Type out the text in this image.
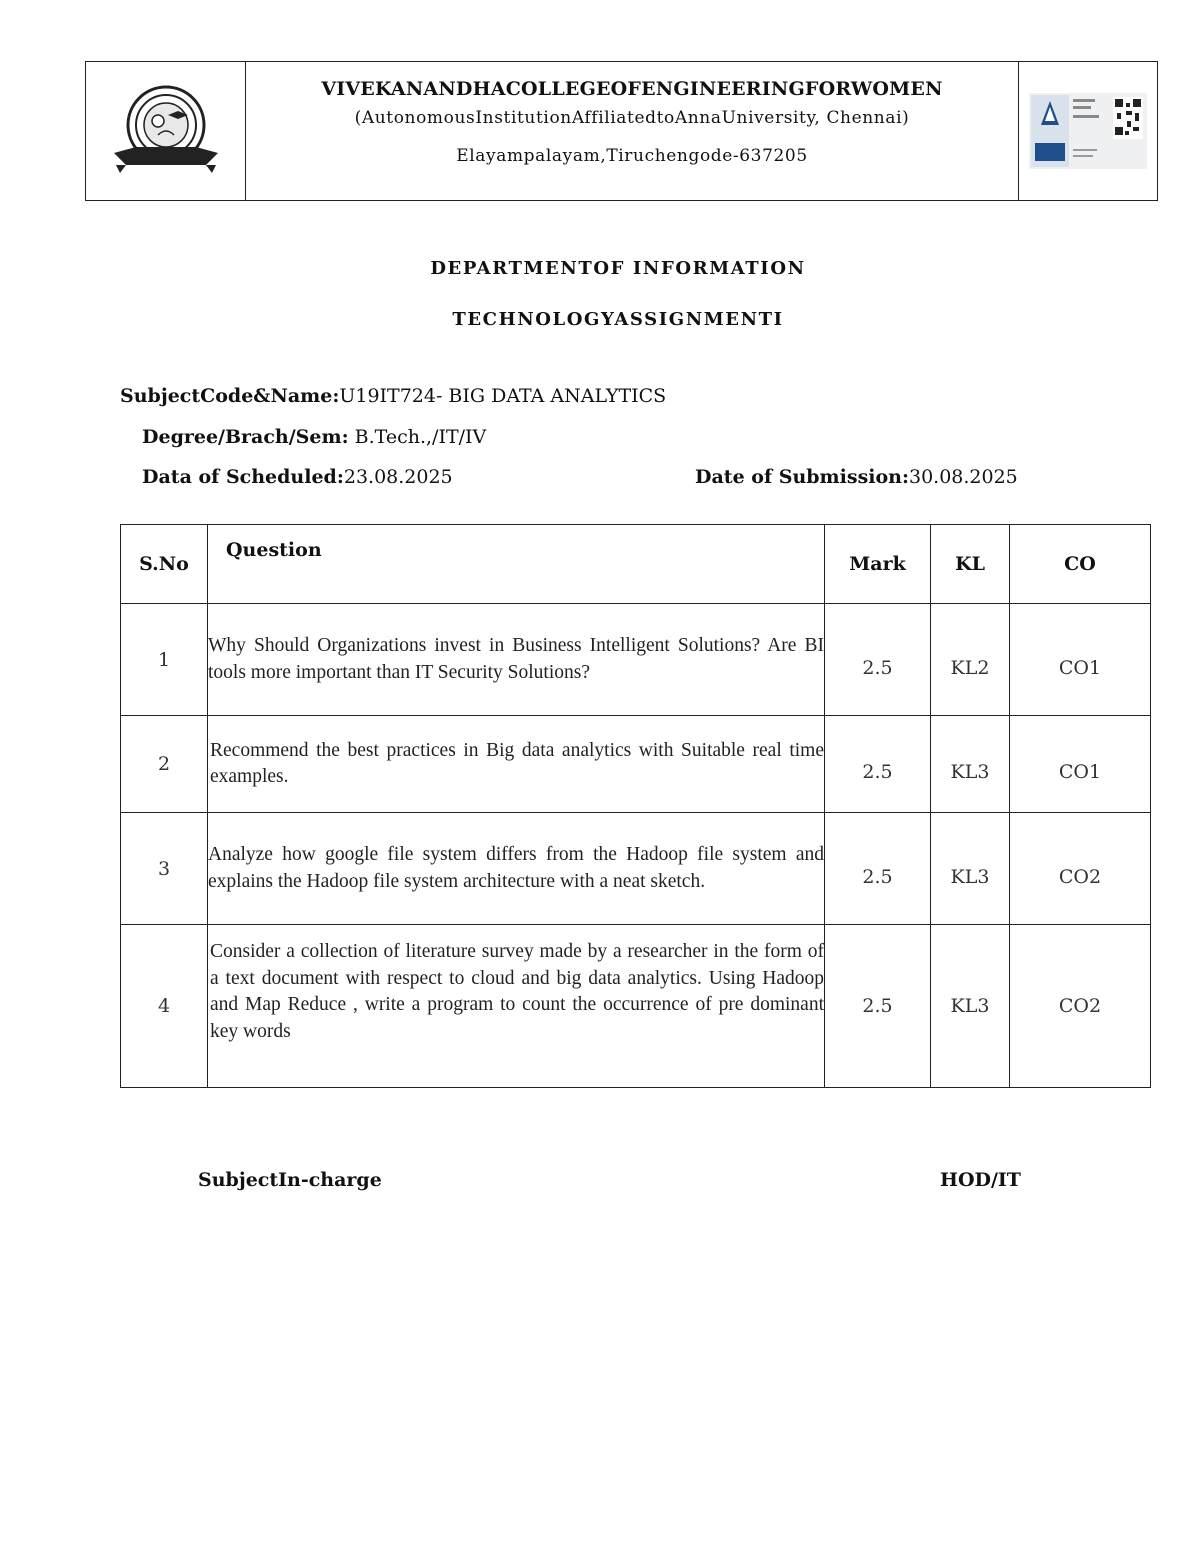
VIVEKANANDHACOLLEGEOFENGINEERINGFORWOMEN
(AutonomousInstitutionAffiliatedtoAnnaUniversity, Chennai)
Elayampalayam,Tiruchengode-637205
DEPARTMENTOF INFORMATION
TECHNOLOGYASSIGNMENTI
SubjectCode&Name:U19IT724- BIG DATA ANALYTICS
Degree/Brach/Sem: B.Tech.,/IT/IV
Data of Scheduled:23.08.2025	Date of Submission:30.08.2025
S.No	Question	Mark	KL	CO
1	Why Should Organizations invest in Business Intelligent Solutions? Are BI tools more important than IT Security Solutions?	2.5	KL2	CO1
2	Recommend the best practices in Big data analytics with Suitable real time examples.	2.5	KL3	CO1
3	Analyze how google file system differs from the Hadoop file system and explains the Hadoop file system architecture with a neat sketch.	2.5	KL3	CO2
4	Consider a collection of literature survey made by a researcher in the form of a text document with respect to cloud and big data analytics. Using Hadoop and Map Reduce , write a program to count the occurrence of pre dominant key words	2.5	KL3	CO2
SubjectIn-charge	HOD/IT
